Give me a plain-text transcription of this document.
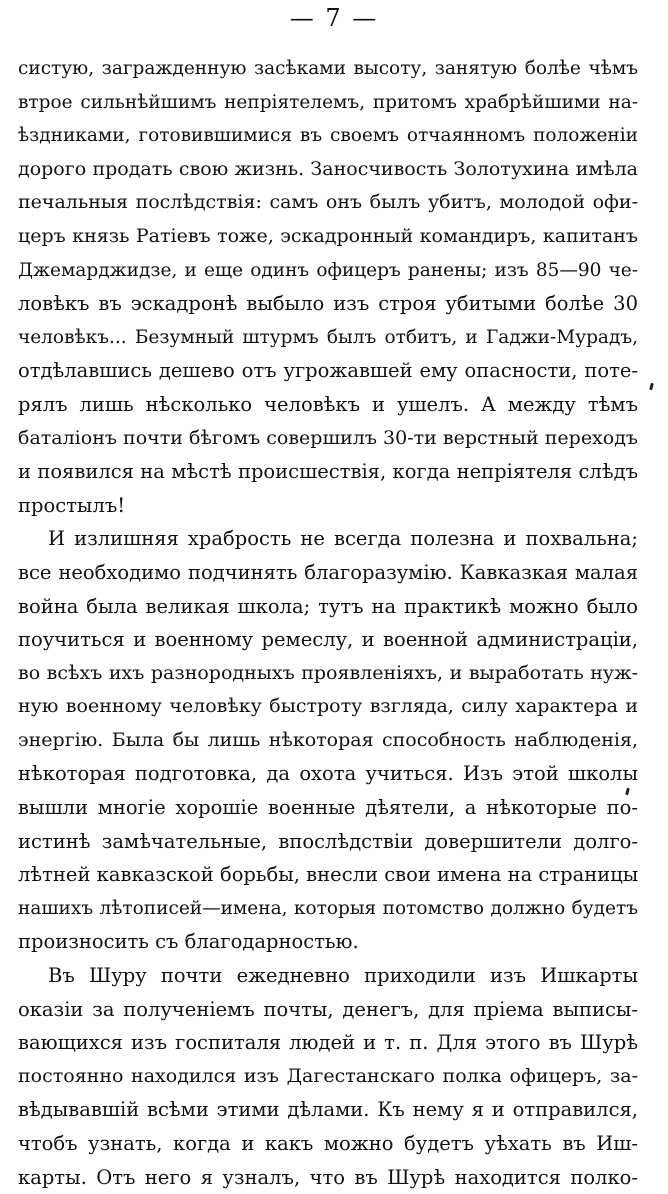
— 7 —
систую, загражденную засѣками высоту, занятую болѣе чѣмъ
втрое сильнѣйшимъ непріятелемъ, притомъ храбрѣйшими на-
ѣздниками, готовившимися въ своемъ отчаянномъ положеніи
дорого продать свою жизнь. Заносчивость Золотухина имѣла
печальныя послѣдствія: самъ онъ былъ убитъ, молодой офи-
церъ князь Ратіевъ тоже, эскадронный командиръ, капитанъ
Джемарджидзе, и еще одинъ офицеръ ранены; изъ 85—90 че-
ловѣкъ въ эскадронѣ выбыло изъ строя убитыми болѣе 30
человѣкъ... Безумный штурмъ былъ отбитъ, и Гаджи-Мурадъ,
отдѣлавшись дешево отъ угрожавшей ему опасности, поте-
рялъ лишь нѣсколько человѣкъ и ушелъ. А между тѣмъ
баталіонъ почти бѣгомъ совершилъ 30-ти верстный переходъ
и появился на мѣстѣ происшествія, когда непріятеля слѣдъ
простылъ!
И излишняя храбрость не всегда полезна и похвальна;
все необходимо подчинять благоразумію. Кавказкая малая
война была великая школа; тутъ на практикѣ можно было
поучиться и военному ремеслу, и военной администраціи,
во всѣхъ ихъ разнородныхъ проявленіяхъ, и выработать нуж-
ную военному человѣку быстроту взгляда, силу характера и
энергію. Была бы лишь нѣкоторая способность наблюденія,
нѣкоторая подготовка, да охота учиться. Изъ этой школы
вышли многіе хорошіе военные дѣятели, а нѣкоторые по-
истинѣ замѣчательные, впослѣдствіи довершители долго-
лѣтней кавказской борьбы, внесли свои имена на страницы
нашихъ лѣтописей—имена, которыя потомство должно будетъ
произносить съ благодарностью.
Въ Шуру почти ежедневно приходили изъ Ишкарты
оказіи за полученіемъ почты, денегъ, для пріема выписы-
вающихся изъ госпиталя людей и т. п. Для этого въ Шурѣ
постоянно находился изъ Дагестанскаго полка офицеръ, за-
вѣдывавшій всѣми этими дѣлами. Къ нему я и отправился,
чтобъ узнать, когда и какъ можно будетъ уѣхать въ Иш-
карты. Отъ него я узналъ, что въ Шурѣ находится полко-
